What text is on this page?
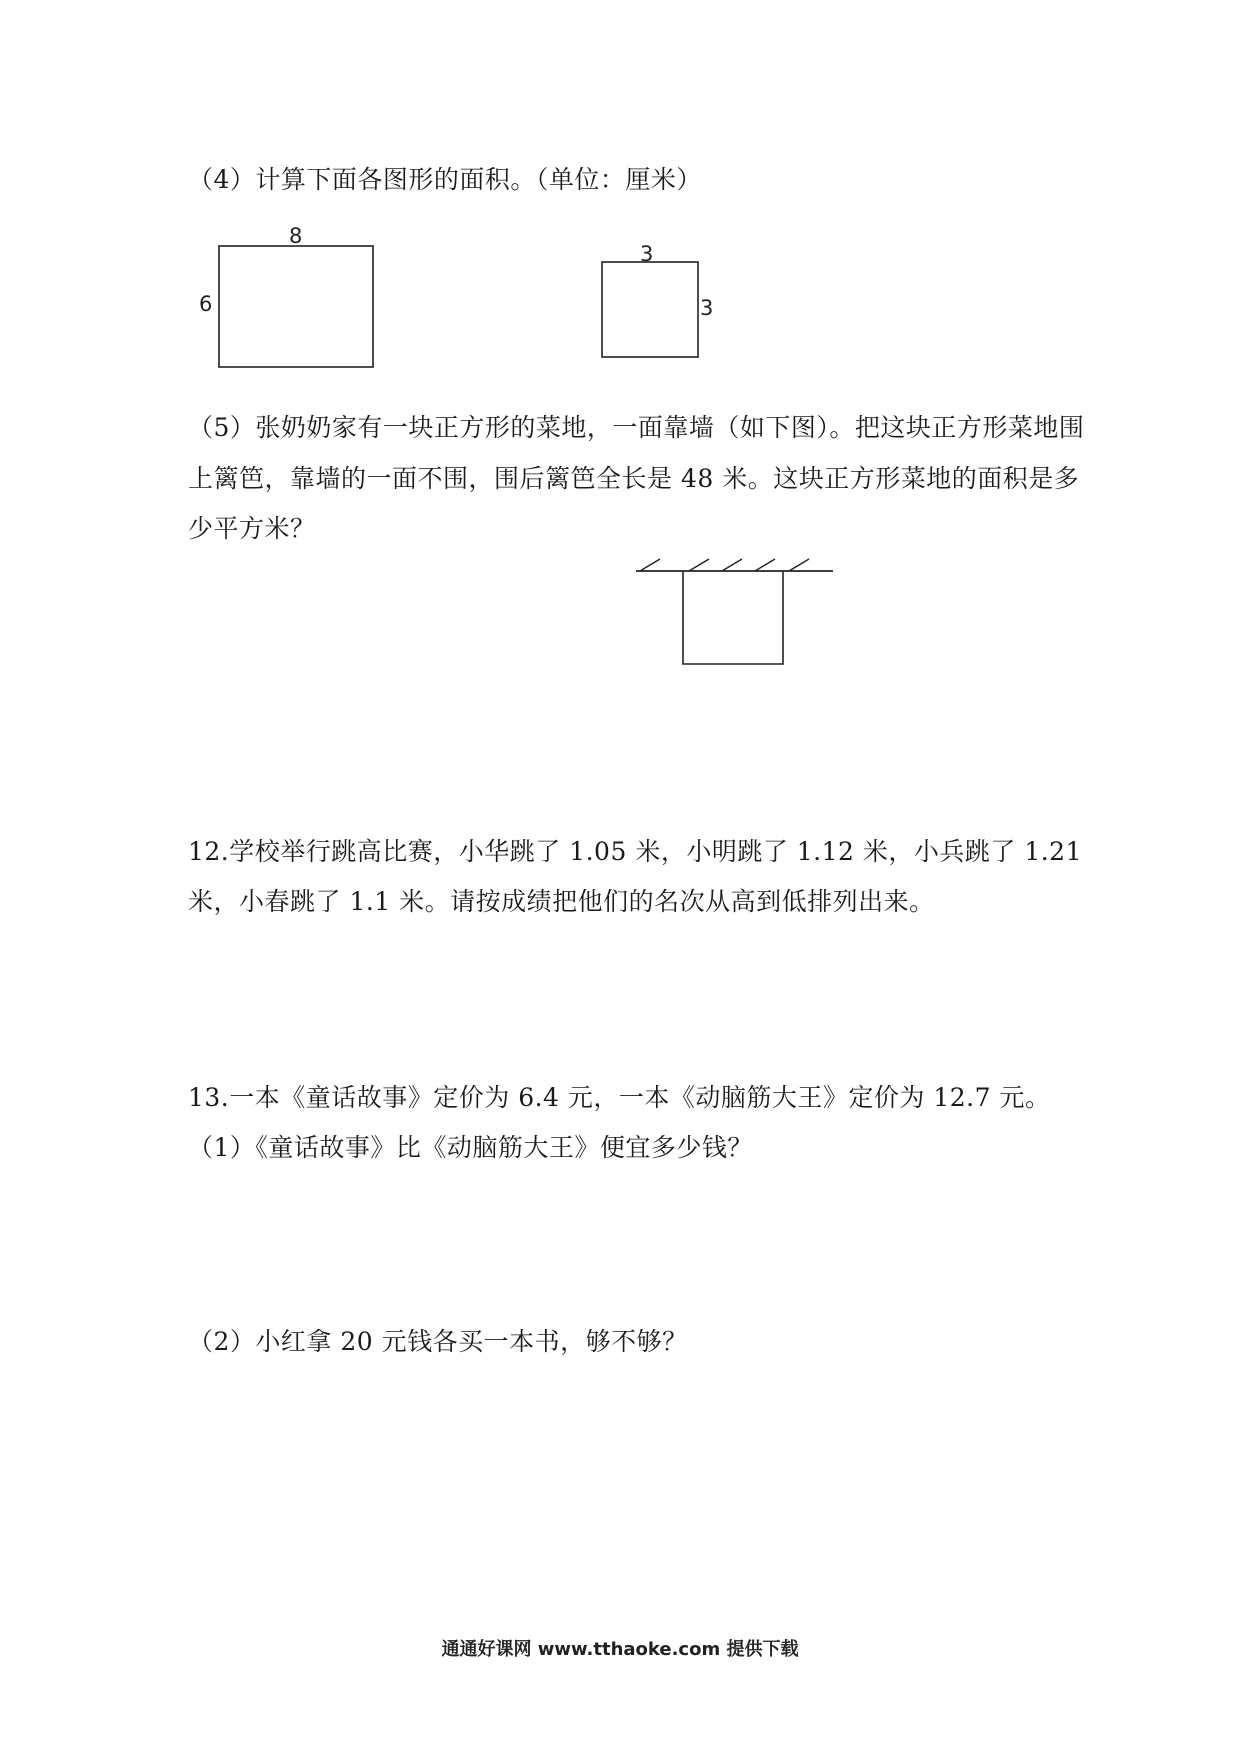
（4）计算下面各图形的面积。（单位：厘米）
8
6
3
3
（5）张奶奶家有一块正方形的菜地，一面靠墙（如下图）。把这块正方形菜地围
上篱笆，靠墙的一面不围，围后篱笆全长是 48 米。这块正方形菜地的面积是多
少平方米？
12.学校举行跳高比赛，小华跳了 1.05 米，小明跳了 1.12 米，小兵跳了 1.21
米，小春跳了 1.1 米。请按成绩把他们的名次从高到低排列出来。
13.一本《童话故事》定价为 6.4 元，一本《动脑筋大王》定价为 12.7 元。
（1）《童话故事》比《动脑筋大王》便宜多少钱？
（2）小红拿 20 元钱各买一本书，够不够？
通通好课网 www.tthaoke.com 提供下载
